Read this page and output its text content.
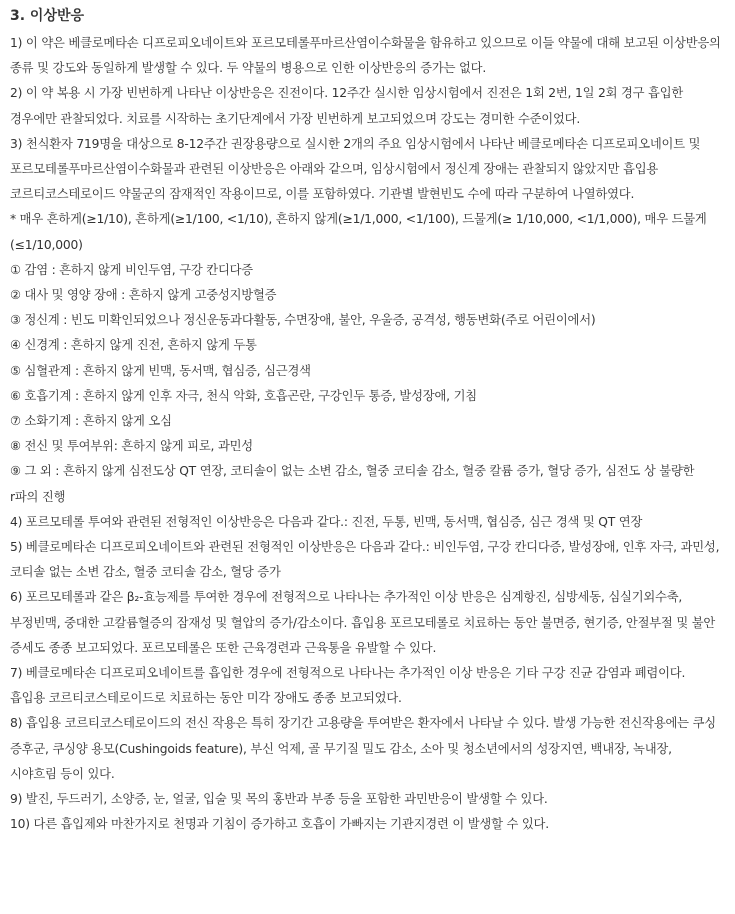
3. 이상반응

1) 이 약은 베클로메타손 디프로피오네이트와 포르모테롤푸마르산염이수화물을 함유하고 있으므로 이들 약물에 대해 보고된 이상반응의 종류 및 강도와 동일하게 발생할 수 있다. 두 약물의 병용으로 인한 이상반응의 증가는 없다.

2) 이 약 복용 시 가장 빈번하게 나타난 이상반응은 진전이다. 12주간 실시한 임상시험에서 진전은 1회 2번, 1일 2회 경구 흡입한 경우에만 관찰되었다. 치료를 시작하는 초기단계에서 가장 빈번하게 보고되었으며 강도는 경미한 수준이었다.

3) 천식환자 719명을 대상으로 8-12주간 권장용량으로 실시한 2개의 주요 임상시험에서 나타난 베클로메타손 디프로피오네이트 및 포르모테롤푸마르산염이수화물과 관련된 이상반응은 아래와 같으며, 임상시험에서 정신계 장애는 관찰되지 않았지만 흡입용 코르티코스테로이드 약물군의 잠재적인 작용이므로, 이를 포함하였다. 기관별 발현빈도 수에 따라 구분하여 나열하였다.

* 매우 흔하게(≥1/10), 흔하게(≥1/100, <1/10), 흔하지 않게(≥1/1,000, <1/100), 드물게(≥ 1/10,000, <1/1,000), 매우 드물게(≤1/10,000)

① 감염 : 흔하지 않게 비인두염, 구강 칸디다증

② 대사 및 영양 장애 : 흔하지 않게 고중성지방혈증

③ 정신계 : 빈도 미확인되었으나 정신운동과다활동, 수면장애, 불안, 우울증, 공격성, 행동변화(주로 어린이에서)

④ 신경계 : 흔하지 않게 진전, 흔하지 않게 두통

⑤ 심혈관계 : 흔하지 않게 빈맥, 동서맥, 협심증, 심근경색

⑥ 호흡기계 : 흔하지 않게 인후 자극, 천식 악화, 호흡곤란, 구강인두 통증, 발성장애, 기침

⑦ 소화기계 : 흔하지 않게 오심

⑧ 전신 및 투여부위: 흔하지 않게 피로, 과민성

⑨ 그 외 : 흔하지 않게 심전도상 QT 연장, 코티솔이 없는 소변 감소, 혈중 코티솔 감소, 혈중 칼륨 증가, 혈당 증가, 심전도 상 불량한 r파의 진행

4) 포르모테롤 투여와 관련된 전형적인 이상반응은 다음과 같다.: 진전, 두통, 빈맥, 동서맥, 협심증, 심근 경색 및 QT 연장

5) 베클로메타손 디프로피오네이트와 관련된 전형적인 이상반응은 다음과 같다.: 비인두염, 구강 칸디다증, 발성장애, 인후 자극, 과민성, 코티솔 없는 소변 감소, 혈중 코티솔 감소, 혈당 증가

6) 포르모테롤과 같은 β₂-효능제를 투여한 경우에 전형적으로 나타나는 추가적인 이상 반응은 심계항진, 심방세동, 심실기외수축, 부정빈맥, 중대한 고칼륨혈증의 잠재성 및 혈압의 증가/감소이다. 흡입용 포르모테롤로 치료하는 동안 불면증, 현기증, 안절부절 및 불안 증세도 종종 보고되었다. 포르모테롤은 또한 근육경련과 근육통을 유발할 수 있다.

7) 베클로메타손 디프로피오네이트를 흡입한 경우에 전형적으로 나타나는 추가적인 이상 반응은 기타 구강 진균 감염과 폐렴이다. 흡입용 코르티코스테로이드로 치료하는 동안 미각 장애도 종종 보고되었다.

8) 흡입용 코르티코스테로이드의 전신 작용은 특히 장기간 고용량을 투여받은 환자에서 나타날 수 있다. 발생 가능한 전신작용에는 쿠싱 증후군, 쿠싱양 용모(Cushingoids feature), 부신 억제, 골 무기질 밀도 감소, 소아 및 청소년에서의 성장지연, 백내장, 녹내장, 시야흐림 등이 있다.

9) 발진, 두드러기, 소양증, 눈, 얼굴, 입술 및 목의 홍반과 부종 등을 포함한 과민반응이 발생할 수 있다.

10) 다른 흡입제와 마찬가지로 천명과 기침이 증가하고 호흡이 가빠지는 기관지경련 이 발생할 수 있다.
